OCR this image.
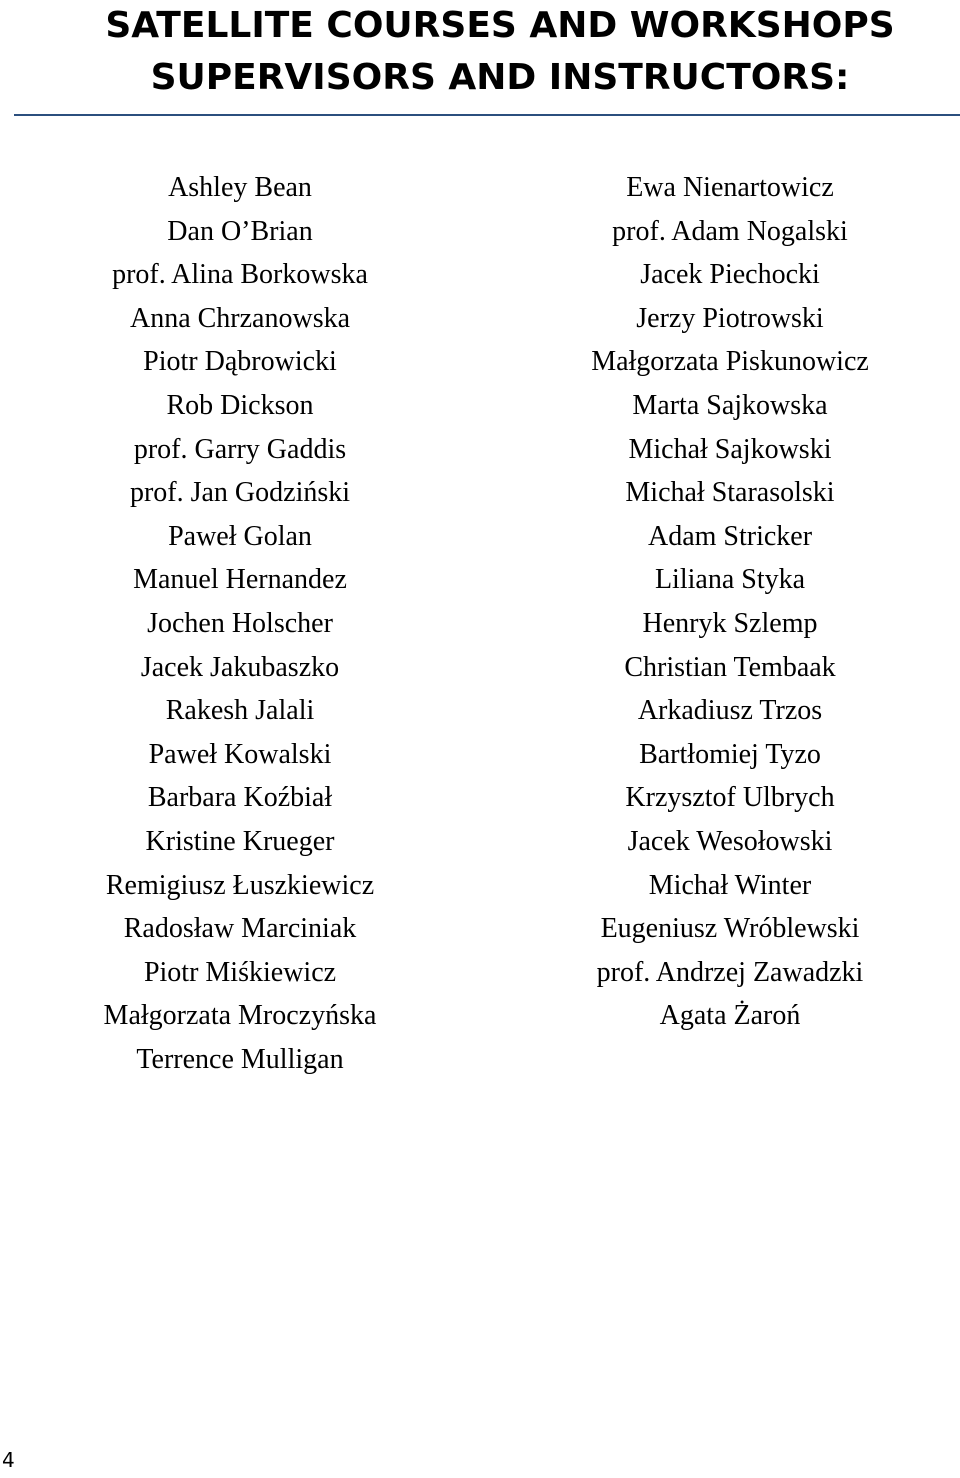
SATELLITE COURSES AND WORKSHOPS
SUPERVISORS AND INSTRUCTORS:
Ashley Bean
Dan O’Brian
prof. Alina Borkowska
Anna Chrzanowska
Piotr Dąbrowicki
Rob Dickson
prof. Garry Gaddis
prof. Jan Godziński
Paweł Golan
Manuel Hernandez
Jochen Holscher
Jacek Jakubaszko
Rakesh Jalali
Paweł Kowalski
Barbara Koźbiał
Kristine Krueger
Remigiusz Łuszkiewicz
Radosław Marciniak
Piotr Miśkiewicz
Małgorzata Mroczyńska
Terrence Mulligan
Ewa Nienartowicz
prof. Adam Nogalski
Jacek Piechocki
Jerzy Piotrowski
Małgorzata Piskunowicz
Marta Sajkowska
Michał Sajkowski
Michał Starasolski
Adam Stricker
Liliana Styka
Henryk Szlemp
Christian Tembaak
Arkadiusz Trzos
Bartłomiej Tyzo
Krzysztof Ulbrych
Jacek Wesołowski
Michał Winter
Eugeniusz Wróblewski
prof. Andrzej Zawadzki
Agata Żaroń
4
